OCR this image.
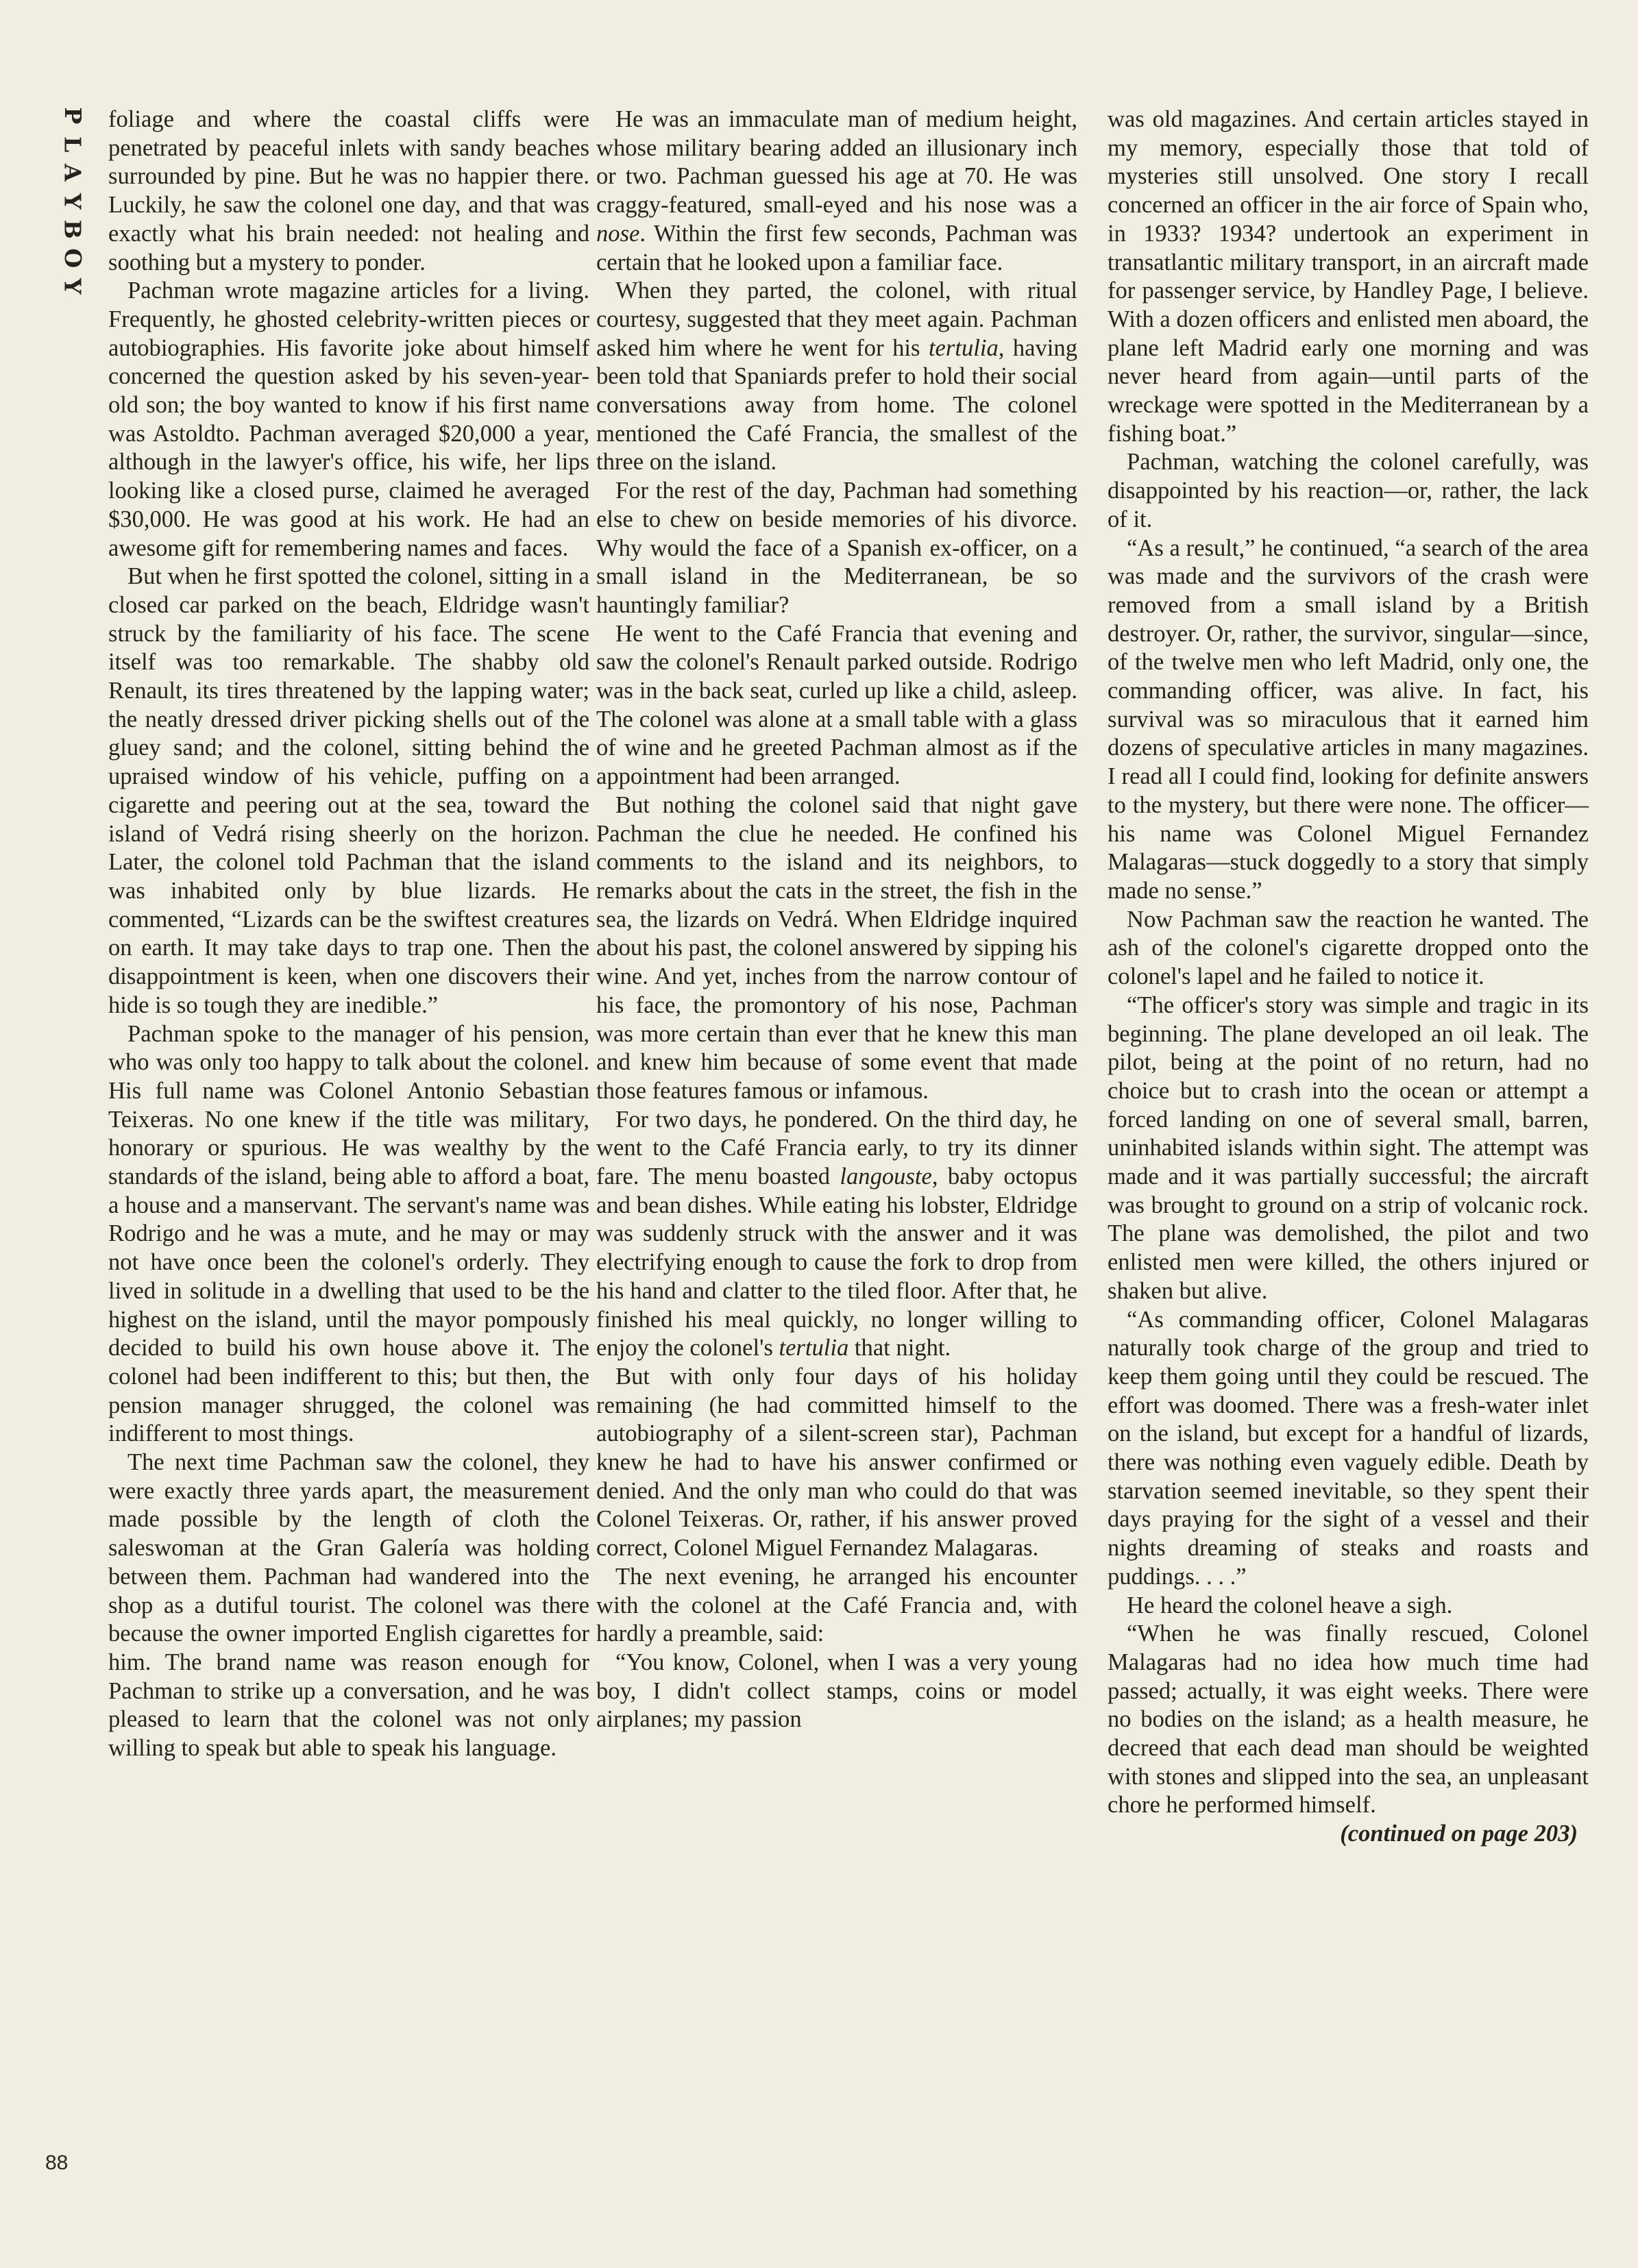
P
L
A
Y
B
O
Y
88

foliage and where the coastal cliffs were penetrated by peaceful inlets with sandy beaches surrounded by pine. But he was no happier there. Luckily, he saw the colonel one day, and that was exactly what his brain needed: not healing and soothing but a mystery to ponder.

Pachman wrote magazine articles for a living. Frequently, he ghosted celebrity-written pieces or autobiographies. His favorite joke about himself concerned the question asked by his seven-year-old son; the boy wanted to know if his first name was Astoldto. Pachman averaged $20,000 a year, although in the lawyer's office, his wife, her lips looking like a closed purse, claimed he averaged $30,000. He was good at his work. He had an awesome gift for remembering names and faces.

But when he first spotted the colonel, sitting in a closed car parked on the beach, Eldridge wasn't struck by the familiarity of his face. The scene itself was too remarkable. The shabby old Renault, its tires threatened by the lapping water; the neatly dressed driver picking shells out of the gluey sand; and the colonel, sitting behind the upraised window of his vehicle, puffing on a cigarette and peering out at the sea, toward the island of Vedrá rising sheerly on the horizon. Later, the colonel told Pachman that the island was inhabited only by blue lizards. He commented, “Lizards can be the swiftest creatures on earth. It may take days to trap one. Then the disappointment is keen, when one discovers their hide is so tough they are inedible.”

Pachman spoke to the manager of his pension, who was only too happy to talk about the colonel. His full name was Colonel Antonio Sebastian Teixeras. No one knew if the title was military, honorary or spurious. He was wealthy by the standards of the island, being able to afford a boat, a house and a manservant. The servant's name was Rodrigo and he was a mute, and he may or may not have once been the colonel's orderly. They lived in solitude in a dwelling that used to be the highest on the island, until the mayor pompously decided to build his own house above it. The colonel had been indifferent to this; but then, the pension manager shrugged, the colonel was indifferent to most things.

The next time Pachman saw the colonel, they were exactly three yards apart, the measurement made possible by the length of cloth the saleswoman at the Gran Galería was holding between them. Pachman had wandered into the shop as a dutiful tourist. The colonel was there because the owner imported English cigarettes for him. The brand name was reason enough for Pachman to strike up a conversation, and he was pleased to learn that the colonel was not only willing to speak but able to speak his language.

He was an immaculate man of medium height, whose military bearing added an illusionary inch or two. Pachman guessed his age at 70. He was craggy-featured, small-eyed and his nose was a nose. Within the first few seconds, Pachman was certain that he looked upon a familiar face.

When they parted, the colonel, with ritual courtesy, suggested that they meet again. Pachman asked him where he went for his tertulia, having been told that Spaniards prefer to hold their social conversations away from home. The colonel mentioned the Café Francia, the smallest of the three on the island.

For the rest of the day, Pachman had something else to chew on beside memories of his divorce. Why would the face of a Spanish ex-officer, on a small island in the Mediterranean, be so hauntingly familiar?

He went to the Café Francia that evening and saw the colonel's Renault parked outside. Rodrigo was in the back seat, curled up like a child, asleep. The colonel was alone at a small table with a glass of wine and he greeted Pachman almost as if the appointment had been arranged.

But nothing the colonel said that night gave Pachman the clue he needed. He confined his comments to the island and its neighbors, to remarks about the cats in the street, the fish in the sea, the lizards on Vedrá. When Eldridge inquired about his past, the colonel answered by sipping his wine. And yet, inches from the narrow contour of his face, the promontory of his nose, Pachman was more certain than ever that he knew this man and knew him because of some event that made those features famous or infamous.

For two days, he pondered. On the third day, he went to the Café Francia early, to try its dinner fare. The menu boasted langouste, baby octopus and bean dishes. While eating his lobster, Eldridge was suddenly struck with the answer and it was electrifying enough to cause the fork to drop from his hand and clatter to the tiled floor. After that, he finished his meal quickly, no longer willing to enjoy the colonel's tertulia that night.

But with only four days of his holiday remaining (he had committed himself to the autobiography of a silent-screen star), Pachman knew he had to have his answer confirmed or denied. And the only man who could do that was Colonel Teixeras. Or, rather, if his answer proved correct, Colonel Miguel Fernandez Malagaras.

The next evening, he arranged his encounter with the colonel at the Café Francia and, with hardly a preamble, said:

“You know, Colonel, when I was a very young boy, I didn't collect stamps, coins or model airplanes; my passion

was old magazines. And certain articles stayed in my memory, especially those that told of mysteries still unsolved. One story I recall concerned an officer in the air force of Spain who, in 1933? 1934? undertook an experiment in transatlantic military transport, in an aircraft made for passenger service, by Handley Page, I believe. With a dozen officers and enlisted men aboard, the plane left Madrid early one morning and was never heard from again—until parts of the wreckage were spotted in the Mediterranean by a fishing boat.”

Pachman, watching the colonel carefully, was disappointed by his reaction—or, rather, the lack of it.

“As a result,” he continued, “a search of the area was made and the survivors of the crash were removed from a small island by a British destroyer. Or, rather, the survivor, singular—since, of the twelve men who left Madrid, only one, the commanding officer, was alive. In fact, his survival was so miraculous that it earned him dozens of speculative articles in many magazines. I read all I could find, looking for definite answers to the mystery, but there were none. The officer—his name was Colonel Miguel Fernandez Malagaras—stuck doggedly to a story that simply made no sense.”

Now Pachman saw the reaction he wanted. The ash of the colonel's cigarette dropped onto the colonel's lapel and he failed to notice it.

“The officer's story was simple and tragic in its beginning. The plane developed an oil leak. The pilot, being at the point of no return, had no choice but to crash into the ocean or attempt a forced landing on one of several small, barren, uninhabited islands within sight. The attempt was made and it was partially successful; the aircraft was brought to ground on a strip of volcanic rock. The plane was demolished, the pilot and two enlisted men were killed, the others injured or shaken but alive.

“As commanding officer, Colonel Malagaras naturally took charge of the group and tried to keep them going until they could be rescued. The effort was doomed. There was a fresh-water inlet on the island, but except for a handful of lizards, there was nothing even vaguely edible. Death by starvation seemed inevitable, so they spent their days praying for the sight of a vessel and their nights dreaming of steaks and roasts and puddings. . . .”

He heard the colonel heave a sigh.

“When he was finally rescued, Colonel Malagaras had no idea how much time had passed; actually, it was eight weeks. There were no bodies on the island; as a health measure, he decreed that each dead man should be weighted with stones and slipped into the sea, an unpleasant chore he performed himself.

(continued on page 203)
